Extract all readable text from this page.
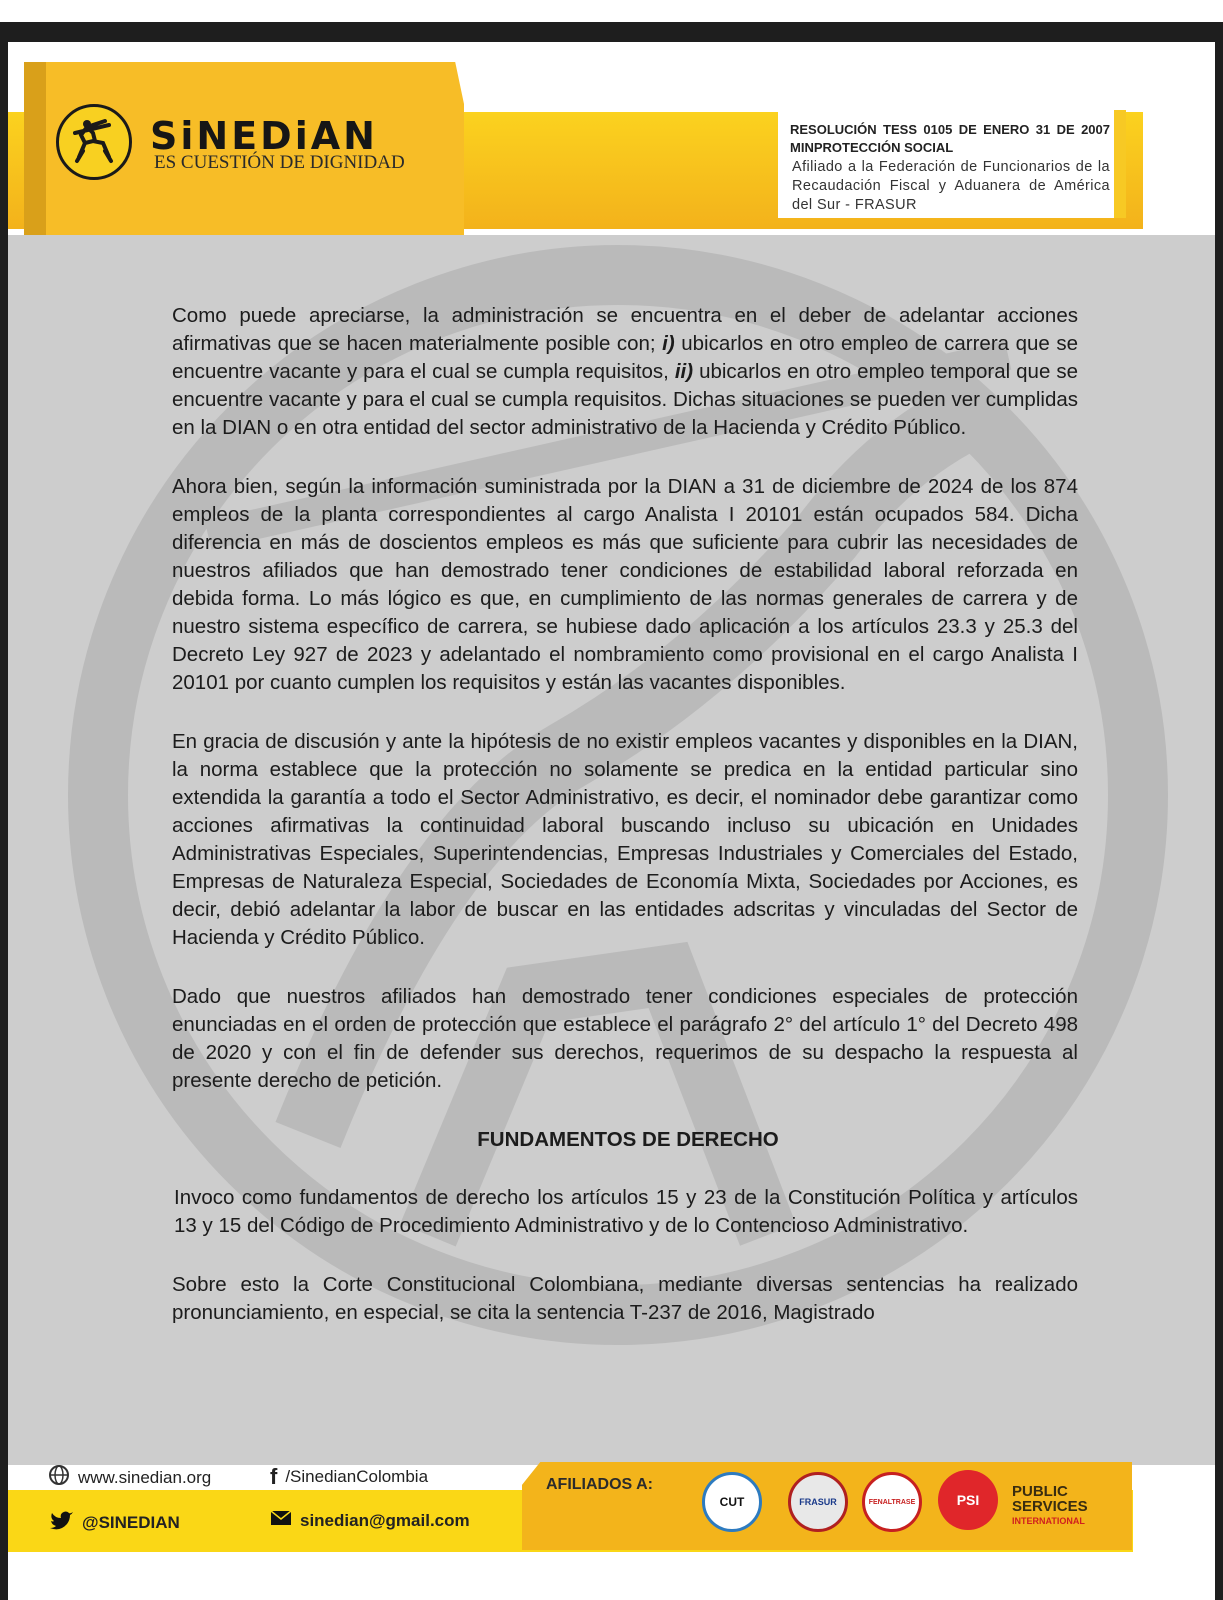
SiNEDiAN
ES CUESTIÓN DE DIGNIDAD
RESOLUCIÓN TESS 0105 DE ENERO 31 DE 2007 MINPROTECCIÓN SOCIAL
Afiliado a la Federación de Funcionarios de la Recaudación Fiscal y Aduanera de América del Sur - FRASUR

Como puede apreciarse, la administración se encuentra en el deber de adelantar acciones afirmativas que se hacen materialmente posible con; i) ubicarlos en otro empleo de carrera que se encuentre vacante y para el cual se cumpla requisitos, ii) ubicarlos en otro empleo temporal que se encuentre vacante y para el cual se cumpla requisitos. Dichas situaciones se pueden ver cumplidas en la DIAN o en otra entidad del sector administrativo de la Hacienda y Crédito Público.

Ahora bien, según la información suministrada por la DIAN a 31 de diciembre de 2024 de los 874 empleos de la planta correspondientes al cargo Analista I 20101 están ocupados 584. Dicha diferencia en más de doscientos empleos es más que suficiente para cubrir las necesidades de nuestros afiliados que han demostrado tener condiciones de estabilidad laboral reforzada en debida forma. Lo más lógico es que, en cumplimiento de las normas generales de carrera y de nuestro sistema específico de carrera, se hubiese dado aplicación a los artículos 23.3 y 25.3 del Decreto Ley 927 de 2023 y adelantado el nombramiento como provisional en el cargo Analista I 20101 por cuanto cumplen los requisitos y están las vacantes disponibles.

En gracia de discusión y ante la hipótesis de no existir empleos vacantes y disponibles en la DIAN, la norma establece que la protección no solamente se predica en la entidad particular sino extendida la garantía a todo el Sector Administrativo, es decir, el nominador debe garantizar como acciones afirmativas la continuidad laboral buscando incluso su ubicación en Unidades Administrativas Especiales, Superintendencias, Empresas Industriales y Comerciales del Estado, Empresas de Naturaleza Especial, Sociedades de Economía Mixta, Sociedades por Acciones, es decir, debió adelantar la labor de buscar en las entidades adscritas y vinculadas del Sector de Hacienda y Crédito Público.

Dado que nuestros afiliados han demostrado tener condiciones especiales de protección enunciadas en el orden de protección que establece el parágrafo 2° del artículo 1° del Decreto 498 de 2020 y con el fin de defender sus derechos, requerimos de su despacho la respuesta al presente derecho de petición.

FUNDAMENTOS DE DERECHO

Invoco como fundamentos de derecho los artículos 15 y 23 de la Constitución Política y artículos 13 y 15 del Código de Procedimiento Administrativo y de lo Contencioso Administrativo.

Sobre esto la Corte Constitucional Colombiana, mediante diversas sentencias ha realizado pronunciamiento, en especial, se cita la sentencia T-237 de 2016, Magistrado

www.sinedian.org	f /SinedianColombia
@SINEDIAN	sinedian@gmail.com
AFILIADOS A:
CUT	FRASUR	FENALTRASE	PSI PUBLIC
SERVICES
INTERNATIONAL
